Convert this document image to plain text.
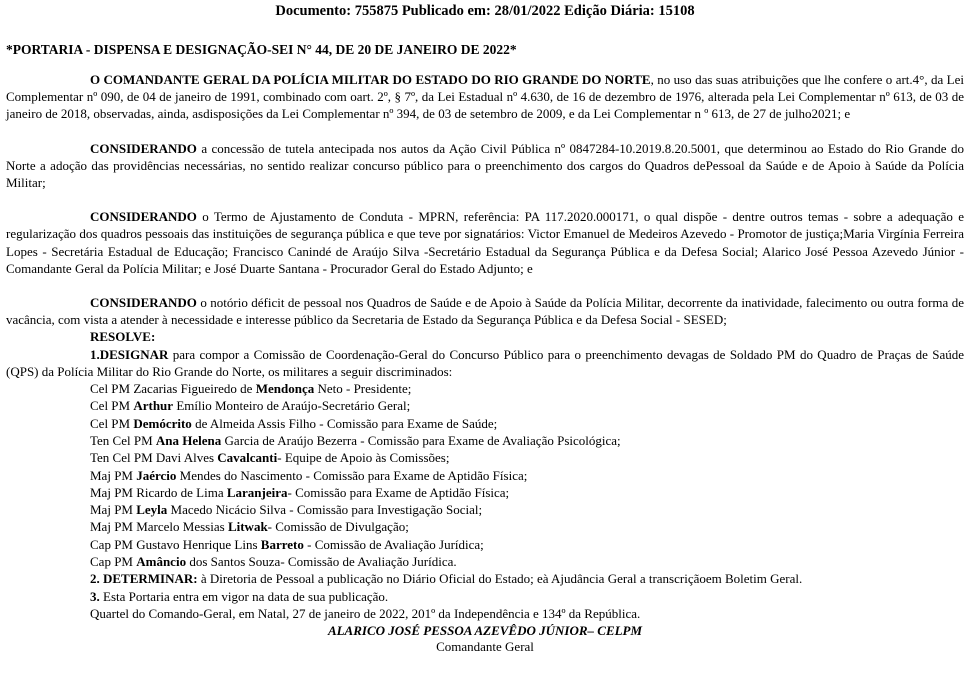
Documento: 755875 Publicado em: 28/01/2022 Edição Diária: 15108
*PORTARIA - DISPENSA E DESIGNAÇÃO-SEI N° 44, DE 20 DE JANEIRO DE 2022*

O COMANDANTE GERAL DA POLÍCIA MILITAR DO ESTADO DO RIO GRANDE DO NORTE, no uso das suas atribuições que lhe confere o art.4°, da Lei Complementar nº 090, de 04 de janeiro de 1991, combinado com oart. 2º, § 7º, da Lei Estadual nº 4.630, de 16 de dezembro de 1976, alterada pela Lei Complementar nº 613, de 03 de janeiro de 2018, observadas, ainda, asdisposições da Lei Complementar nº 394, de 03 de setembro de 2009, e da Lei Complementar n º 613, de 27 de julho2021; e

CONSIDERANDO a concessão de tutela antecipada nos autos da Ação Civil Pública nº 0847284-10.2019.8.20.5001, que determinou ao Estado do Rio Grande do Norte a adoção das providências necessárias, no sentido realizar concurso público para o preenchimento dos cargos do Quadros dePessoal da Saúde e de Apoio à Saúde da Polícia Militar;

CONSIDERANDO o Termo de Ajustamento de Conduta - MPRN, referência: PA 117.2020.000171, o qual dispõe - dentre outros temas - sobre a adequação e regularização dos quadros pessoais das instituições de segurança pública e que teve por signatários: Victor Emanuel de Medeiros Azevedo - Promotor de justiça;Maria Virgínia Ferreira Lopes - Secretária Estadual de Educação; Francisco Canindé de Araújo Silva -Secretário Estadual da Segurança Pública e da Defesa Social; Alarico José Pessoa Azevedo Júnior -Comandante Geral da Polícia Militar; e José Duarte Santana - Procurador Geral do Estado Adjunto; e

CONSIDERANDO o notório déficit de pessoal nos Quadros de Saúde e de Apoio à Saúde da Polícia Militar, decorrente da inatividade, falecimento ou outra forma de vacância, com vista a atender à necessidade e interesse público da Secretaria de Estado da Segurança Pública e da Defesa Social - SESED;

RESOLVE:

1.DESIGNAR para compor a Comissão de Coordenação-Geral do Concurso Público para o preenchimento devagas de Soldado PM do Quadro de Praças de Saúde (QPS) da Polícia Militar do Rio Grande do Norte, os militares a seguir discriminados:

Cel PM Zacarias Figueiredo de Mendonça Neto - Presidente;
Cel PM Arthur Emílio Monteiro de Araújo-Secretário Geral;
Cel PM Demócrito de Almeida Assis Filho - Comissão para Exame de Saúde;
Ten Cel PM Ana Helena Garcia de Araújo Bezerra - Comissão para Exame de Avaliação Psicológica;
Ten Cel PM Davi Alves Cavalcanti- Equipe de Apoio às Comissões;
Maj PM Jaércio Mendes do Nascimento - Comissão para Exame de Aptidão Física;
Maj PM Ricardo de Lima Laranjeira- Comissão para Exame de Aptidão Física;
Maj PM Leyla Macedo Nicácio Silva - Comissão para Investigação Social;
Maj PM Marcelo Messias Litwak- Comissão de Divulgação;
Cap PM Gustavo Henrique Lins Barreto - Comissão de Avaliação Jurídica;
Cap PM Amâncio dos Santos Souza- Comissão de Avaliação Jurídica.

2. DETERMINAR: à Diretoria de Pessoal a publicação no Diário Oficial do Estado; eà Ajudância Geral a transcriçãoem Boletim Geral.

3. Esta Portaria entra em vigor na data de sua publicação.

Quartel do Comando-Geral, em Natal, 27 de janeiro de 2022, 201º da Independência e 134º da República.

ALARICO JOSÉ PESSOA AZEVÊDO JÚNIOR– CELPM
Comandante Geral
